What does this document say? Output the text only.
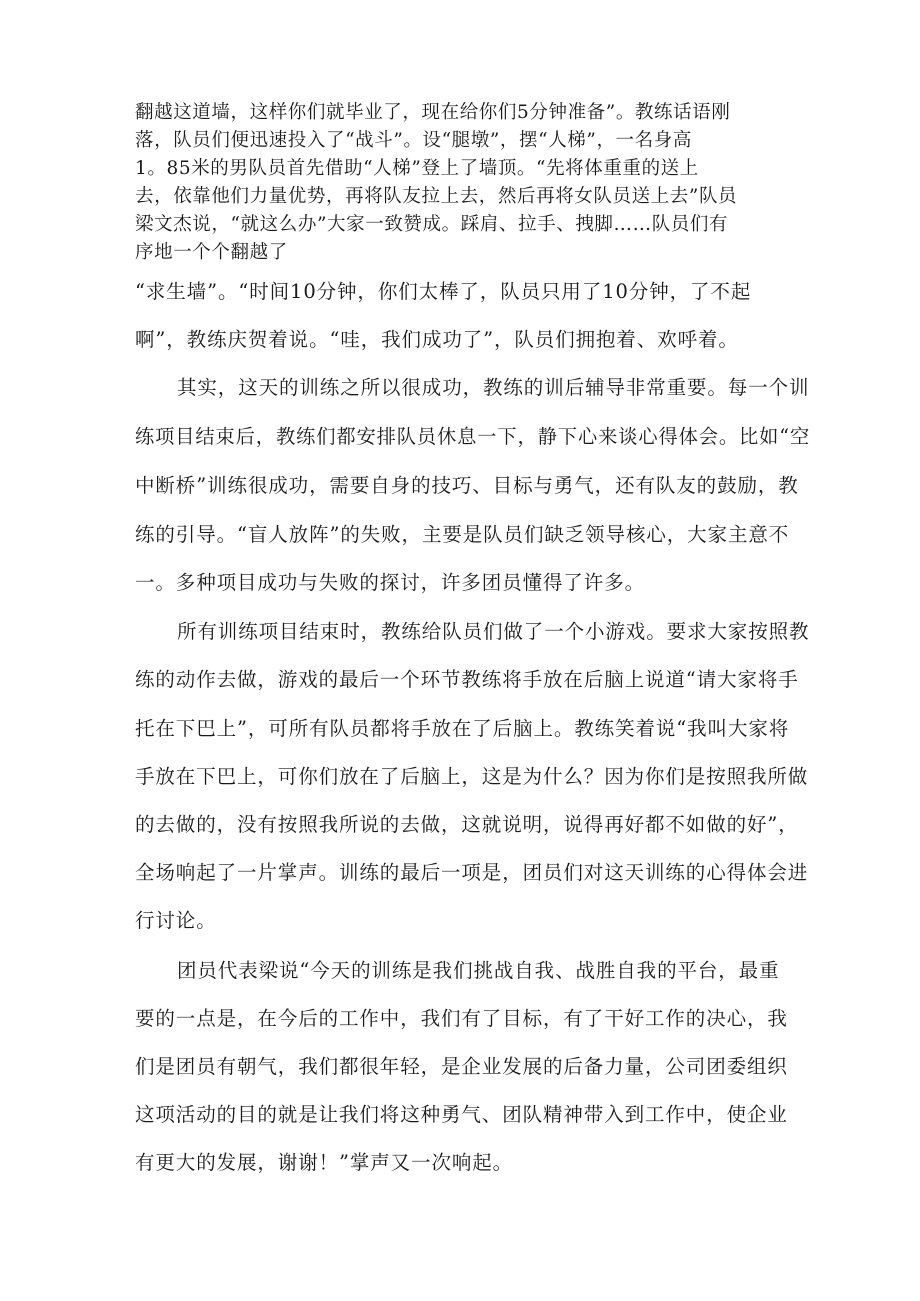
翻越这道墙，这样你们就毕业了，现在给你们5分钟准备”。教练话语刚

落，队员们便迅速投入了“战斗”。设“腿墩”，摆“人梯”，一名身高

1。85米的男队员首先借助“人梯”登上了墙顶。“先将体重重的送上

去，依靠他们力量优势，再将队友拉上去，然后再将女队员送上去”队员

梁文杰说，“就这么办”大家一致赞成。踩肩、拉手、拽脚……队员们有

序地一个个翻越了

“求生墙”。“时间10分钟，你们太棒了，队员只用了10分钟，了不起

啊”，教练庆贺着说。“哇，我们成功了”，队员们拥抱着、欢呼着。

其实，这天的训练之所以很成功，教练的训后辅导非常重要。每一个训

练项目结束后，教练们都安排队员休息一下，静下心来谈心得体会。比如“空

中断桥”训练很成功，需要自身的技巧、目标与勇气，还有队友的鼓励，教

练的引导。“盲人放阵”的失败，主要是队员们缺乏领导核心，大家主意不

一。多种项目成功与失败的探讨，许多团员懂得了许多。

所有训练项目结束时，教练给队员们做了一个小游戏。要求大家按照教

练的动作去做，游戏的最后一个环节教练将手放在后脑上说道“请大家将手

托在下巴上”，可所有队员都将手放在了后脑上。教练笑着说“我叫大家将

手放在下巴上，可你们放在了后脑上，这是为什么？因为你们是按照我所做

的去做的，没有按照我所说的去做，这就说明，说得再好都不如做的好”，

全场响起了一片掌声。训练的最后一项是，团员们对这天训练的心得体会进

行讨论。

团员代表梁说“今天的训练是我们挑战自我、战胜自我的平台，最重

要的一点是，在今后的工作中，我们有了目标，有了干好工作的决心，我

们是团员有朝气，我们都很年轻，是企业发展的后备力量，公司团委组织

这项活动的目的就是让我们将这种勇气、团队精神带入到工作中，使企业

有更大的发展，谢谢！”掌声又一次响起。
